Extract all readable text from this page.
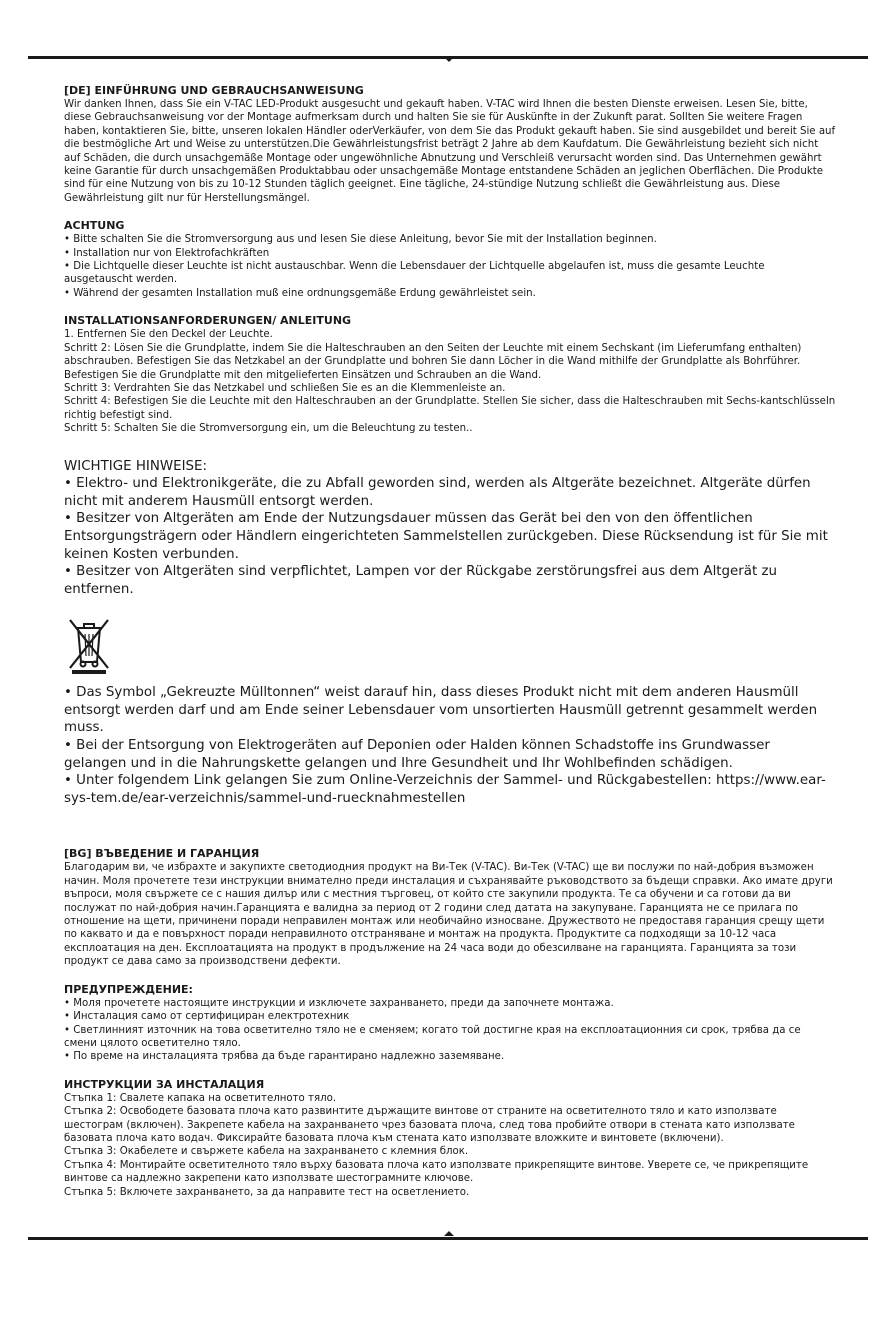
[DE] EINFÜHRUNG UND GEBRAUCHSANWEISUNG

Wir danken Ihnen, dass Sie ein V-TAC LED-Produkt ausgesucht und gekauft haben. V-TAC wird Ihnen die besten Dienste erweisen. Lesen Sie, bitte, diese Gebrauchsanweisung vor der Montage aufmerksam durch und halten Sie sie für Auskünfte in der Zukunft parat. Sollten Sie weitere Fragen haben, kontaktieren Sie, bitte, unseren lokalen Händler oderVerkäufer, von dem Sie das Produkt gekauft haben. Sie sind ausgebildet und bereit Sie auf die bestmögliche Art und Weise zu unterstützen.Die Gewährleistungsfrist beträgt 2 Jahre ab dem Kaufdatum. Die Gewährleistung bezieht sich nicht auf Schäden, die durch unsachgemäße Montage oder ungewöhnliche Abnutzung und Verschleiß verursacht worden sind. Das Unternehmen gewährt keine Garantie für durch unsachgemäßen Produktabbau oder unsachgemäße Montage entstandene Schäden an jeglichen Oberflächen. Die Produkte sind für eine Nutzung von bis zu 10-12 Stunden täglich geeignet. Eine tägliche, 24-stündige Nutzung schließt die Gewährleistung aus. Diese Gewährleistung gilt nur für Herstellungsmängel.

ACHTUNG
• Bitte schalten Sie die Stromversorgung aus und lesen Sie diese Anleitung, bevor Sie mit der Installation beginnen.
• Installation nur von Elektrofachkräften
• Die Lichtquelle dieser Leuchte ist nicht austauschbar. Wenn die Lebensdauer der Lichtquelle abgelaufen ist, muss die gesamte Leuchte ausgetauscht werden.
• Während der gesamten Installation muß eine ordnungsgemäße Erdung gewährleistet sein.
INSTALLATIONSANFORDERUNGEN/ ANLEITUNG
1. Entfernen Sie den Deckel der Leuchte.
Schritt 2: Lösen Sie die Grundplatte, indem Sie die Halteschrauben an den Seiten der Leuchte mit einem Sechskant (im Lieferumfang enthalten) abschrauben. Befestigen Sie das Netzkabel an der Grundplatte und bohren Sie dann Löcher in die Wand mithilfe der Grundplatte als Bohrführer. Befestigen Sie die Grundplatte mit den mitgelieferten Einsätzen und Schrauben an die Wand.
Schritt 3: Verdrahten Sie das Netzkabel und schließen Sie es an die Klemmenleiste an.
Schritt 4: Befestigen Sie die Leuchte mit den Halteschrauben an der Grundplatte. Stellen Sie sicher, dass die Halteschrauben mit Sechs-kantschlüsseln richtig befestigt sind.
Schritt 5: Schalten Sie die Stromversorgung ein, um die Beleuchtung zu testen..
WICHTIGE HINWEISE:
• Elektro- und Elektronikgeräte, die zu Abfall geworden sind, werden als Altgeräte bezeichnet. Altgeräte dürfen nicht mit anderem Hausmüll entsorgt werden.
• Besitzer von Altgeräten am Ende der Nutzungsdauer müssen das Gerät bei den von den öffentlichen Entsorgungsträgern oder Händlern eingerichteten Sammelstellen zurückgeben. Diese Rücksendung ist für Sie mit keinen Kosten verbunden.
• Besitzer von Altgeräten sind verpflichtet, Lampen vor der Rückgabe zerstörungsfrei aus dem Altgerät zu entfernen.
• Das Symbol „Gekreuzte Mülltonnen“ weist darauf hin, dass dieses Produkt nicht mit dem anderen Hausmüll entsorgt werden darf und am Ende seiner Lebensdauer vom unsortierten Hausmüll getrennt gesammelt werden muss.
• Bei der Entsorgung von Elektrogeräten auf Deponien oder Halden können Schadstoffe ins Grundwasser gelangen und in die Nahrungskette gelangen und Ihre Gesundheit und Ihr Wohlbefinden schädigen.
• Unter folgendem Link gelangen Sie zum Online-Verzeichnis der Sammel- und Rückgabestellen: https://www.ear-sys-tem.de/ear-verzeichnis/sammel-und-ruecknahmestellen
[BG] ВЪВЕДЕНИЕ И ГАРАНЦИЯ

Благодарим ви, че избрахте и закупихте светодиодния продукт на Ви-Тек (V-TAC). Ви-Тек (V-TAC) ще ви послужи по най-добрия възможен начин. Моля прочетете тези инструкции внимателно преди инсталация и съхранявайте ръководството за бъдещи справки. Ако имате други въпроси, моля свържете се с нашия дилър или с местния търговец, от който сте закупили продукта. Те са обучени и са готови да ви послужат по най-добрия начин.Гаранцията е валидна за период от 2 години след датата на закупуване. Гаранцията не се прилага по отношение на щети, причинени поради неправилен монтаж или необичайно износване. Дружеството не предоставя гаранция срещу щети по каквато и да е повърхност поради неправилното отстраняване и монтаж на продукта. Продуктите са подходящи за 10-12 часа експлоатация на ден. Експлоатацията на продукт в продължение на 24 часа води до обезсилване на гаранцията. Гаранцията за този продукт се дава само за производствени дефекти.

ПРЕДУПРЕЖДЕНИЕ:
• Моля прочетете настоящите инструкции и изключете захранването, преди да започнете монтажа.
• Инсталация само от сертифициран електротехник
• Светлинният източник на това осветително тяло не е сменяем; когато той достигне края на експлоатационния си срок, трябва да се смени цялото осветително тяло.
• По време на инсталацията трябва да бъде гарантирано надлежно заземяване.
ИНСТРУКЦИИ ЗА ИНСТАЛАЦИЯ
Стъпка 1: Свалете капака на осветителното тяло.
Стъпка 2: Освободете базовата плоча като развинтите държащите винтове от страните на осветителното тяло и като използвате шестограм (включен). Закрепете кабела на захранването чрез базовата плоча, след това пробийте отвори в стената като използвате базовата плоча като водач. Фиксирайте базовата плоча към стената като използвате вложките и винтовете (включени).
Стъпка 3: Окабелете и свържете кабела на захранването с клемния блок.
Стъпка 4: Монтирайте осветителното тяло върху базовата плоча като използвате прикрепящите винтове. Уверете се, че прикрепящите винтове са надлежно закрепени като използвате шестограмните ключове.
Стъпка 5: Включете захранването, за да направите тест на осветлението.
